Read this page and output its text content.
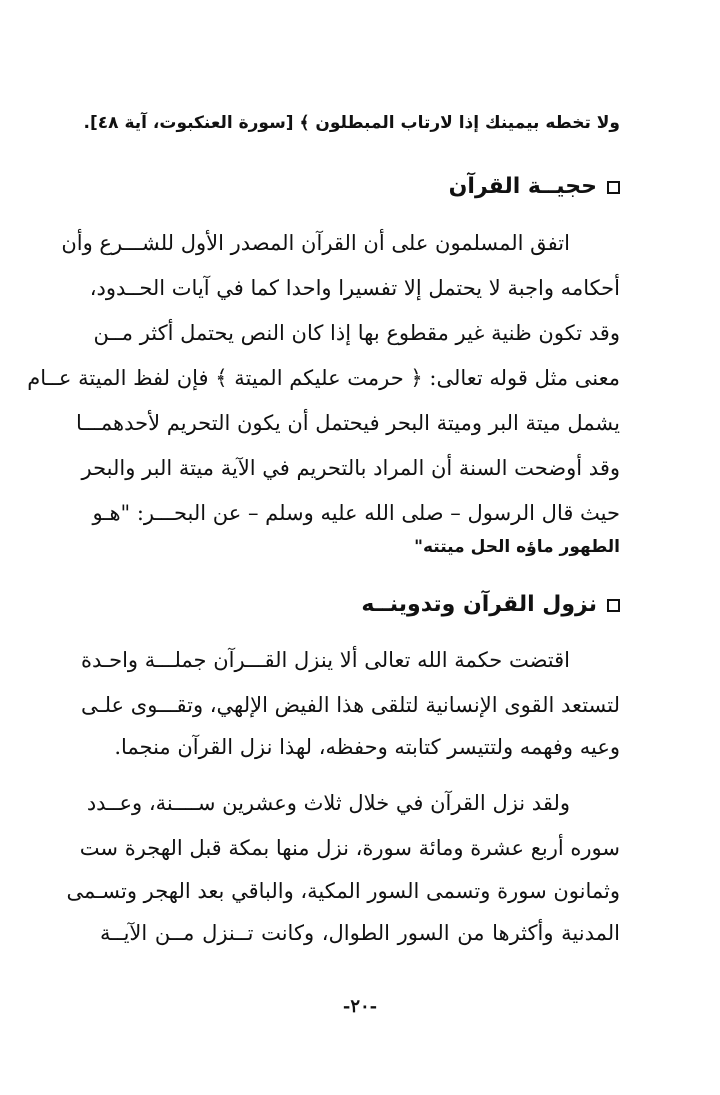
ولا تخطه بيمينك إذا لارتاب المبطلون ﴾ [سورة العنكبوت، آية ٤٨].

حجيــة القرآن

اتفق المسلمون على أن القرآن المصدر الأول للشـــرع وأن

أحكامه واجبة لا يحتمل إلا تفسيرا واحدا كما في آيات الحــدود،

وقد تكون ظنية غير مقطوع بها إذا كان النص يحتمل أكثر مــن

معنى مثل قوله تعالى: ﴿ حرمت عليكم الميتة ﴾ فإن لفظ الميتة عــام

يشمل ميتة البر وميتة البحر فيحتمل أن يكون التحريم لأحدهمـــا

وقد أوضحت السنة أن المراد بالتحريم في الآية ميتة البر والبحر

حيث قال الرسول – صلى الله عليه وسلم – عن البحـــر: "هـو

الطهور ماؤه الحل ميتته"

نزول القرآن وتدوينــه

اقتضت حكمة الله تعالى ألا ينزل القـــرآن جملـــة واحـدة

لتستعد القوى الإنسانية لتلقى هذا الفيض الإلهي، وتقـــوى علـى

وعيه وفهمه ولتتيسر كتابته وحفظه، لهذا نزل القرآن منجما.

ولقد نزل القرآن في خلال ثلاث وعشرين ســــنة، وعــدد

سوره أربع عشرة ومائة سورة، نزل منها بمكة قبل الهجرة ست

وثمانون سورة وتسمى السور المكية، والباقي بعد الهجر وتسـمى

المدنية وأكثرها من السور الطوال، وكانت تــنزل مــن الآيــة

-٢٠-
